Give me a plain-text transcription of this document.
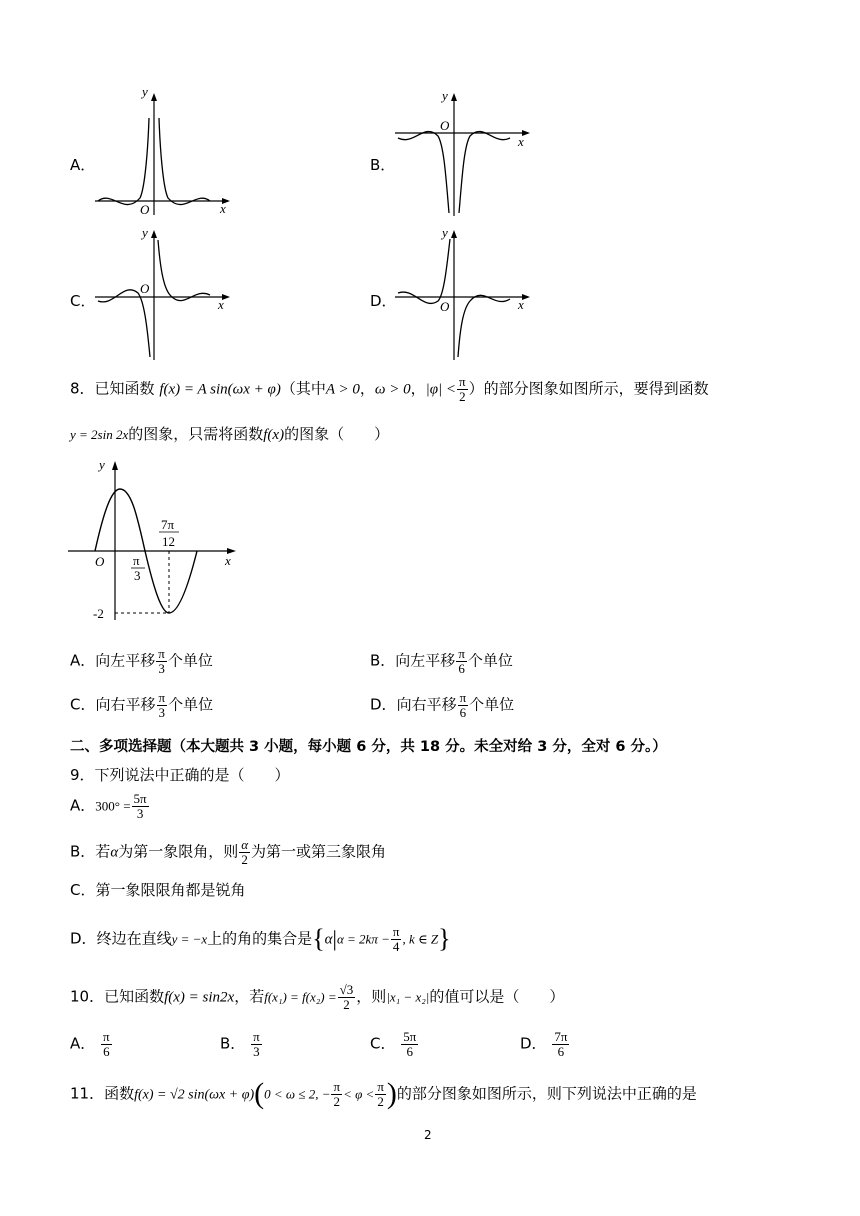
A．
y
x
O
B．
y
x
O
C．
y
x
O
D．
y
x
O
8．已知函数 f(x) = A sin(ωx + φ)（其中A > 0，ω > 0，$|\varphi| < \frac{\pi}{2}$ ）的部分图象如图所示，要得到函数
y = 2sin 2x的图象，只需将函数f(x)的图象（　　）
y
x
O π
3
7π
12
-2
A．向左平移 $\frac{\pi}{3}$ 个单位	B．向左平移 $\frac{\pi}{6}$ 个单位
C．向右平移 $\frac{\pi}{3}$ 个单位	D．向右平移 $\frac{\pi}{6}$ 个单位
二、多项选择题（本大题共 3 小题，每小题 6 分，共 18 分。未全对给 3 分，全对 6 分。）
9．下列说法中正确的是（　　）
A．$300^\circ = \frac{5\pi}{3}$
B．若α为第一象限角，则 $\frac{\alpha}{2}$ 为第一或第三象限角
C．第一象限限角都是锐角
D．终边在直线y = −x上的角的集合是{$\alpha|\alpha = 2k\pi - \frac{\pi}{4}$ , k ∈ Z}
10．已知函数f(x) = sin2x，若$f(x_1) = f(x_2) = \frac{√3}{2}$ ，则|x₁ − x₂|的值可以是（　　）
A． $\frac{\pi}{6}$	B． $\frac{\pi}{3}$	C． $\frac{5\pi}{6}$	D． $\frac{7\pi}{6}$
11．函数f(x) = √2 sin(ωx + φ)(0 < ω ≤ 2, − $\frac{\pi}{2} < \varphi < \frac{\pi}{2}$ )的部分图象如图所示，则下列说法中正确的是
2
